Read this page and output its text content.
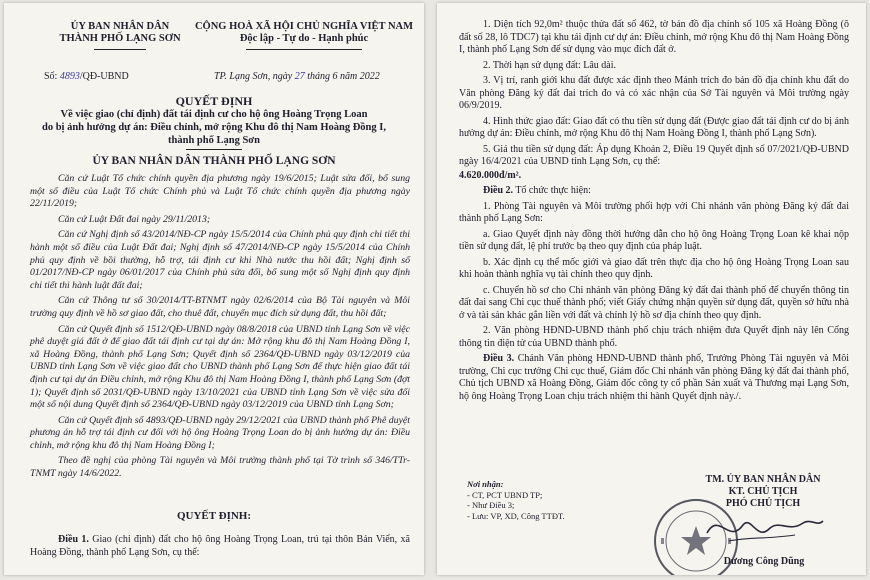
ỦY BAN NHÂN DÂN
THÀNH PHỐ LẠNG SƠN
CỘNG HOÀ XÃ HỘI CHỦ NGHĨA VIỆT NAM
Độc lập - Tự do - Hạnh phúc
Số: 4893/QĐ-UBND	TP. Lạng Sơn, ngày 27 tháng 6 năm 2022
QUYẾT ĐỊNH
Về việc giao (chỉ định) đất tái định cư cho hộ ông Hoàng Trọng Loan
do bị ảnh hưởng dự án: Điều chỉnh, mở rộng Khu đô thị Nam Hoàng Đồng I,
thành phố Lạng Sơn
ỦY BAN NHÂN DÂN THÀNH PHỐ LẠNG SƠN

Căn cứ Luật Tổ chức chính quyền địa phương ngày 19/6/2015; Luật sửa đổi, bổ sung một số điều của Luật Tổ chức Chính phủ và Luật Tổ chức chính quyền địa phương ngày 22/11/2019;

Căn cứ Luật Đất đai ngày 29/11/2013;

Căn cứ Nghị định số 43/2014/NĐ-CP ngày 15/5/2014 của Chính phủ quy định chi tiết thi hành một số điều của Luật Đất đai; Nghị định số 47/2014/NĐ-CP ngày 15/5/2014 của Chính phủ quy định về bồi thường, hỗ trợ, tái định cư khi Nhà nước thu hồi đất; Nghị định số 01/2017/NĐ-CP ngày 06/01/2017 của Chính phủ sửa đổi, bổ sung một số Nghị định quy định chi tiết thi hành luật đất đai;

Căn cứ Thông tư số 30/2014/TT-BTNMT ngày 02/6/2014 của Bộ Tài nguyên và Môi trường quy định về hồ sơ giao đất, cho thuê đất, chuyển mục đích sử dụng đất, thu hồi đất;

Căn cứ Quyết định số 1512/QĐ-UBND ngày 08/8/2018 của UBND tỉnh Lạng Sơn về việc phê duyệt giá đất ở để giao đất tái định cư tại dự án: Mở rộng khu đô thị Nam Hoàng Đồng I, xã Hoàng Đồng, thành phố Lạng Sơn; Quyết định số 2364/QĐ-UBND ngày 03/12/2019 của UBND tỉnh Lạng Sơn về việc giao đất cho UBND thành phố Lạng Sơn để thực hiện giao đất tái định cư tại dự án Điều chỉnh, mở rộng Khu đô thị Nam Hoàng Đồng I, thành phố Lạng Sơn (đợt 1); Quyết định số 2031/QĐ-UBND ngày 13/10/2021 của UBND tỉnh Lạng Sơn về việc sửa đổi một số nội dung Quyết định số 2364/QĐ-UBND ngày 03/12/2019 của UBND tỉnh Lạng Sơn;

Căn cứ Quyết định số 4893/QĐ-UBND ngày 29/12/2021 của UBND thành phố Phê duyệt phương án hỗ trợ tái định cư đối với hộ ông Hoàng Trọng Loan do bị ảnh hưởng dự án: Điều chỉnh, mở rộng khu đô thị Nam Hoàng Đồng I;

Theo đề nghị của phòng Tài nguyên và Môi trường thành phố tại Tờ trình số 346/TTr-TNMT ngày 14/6/2022.

QUYẾT ĐỊNH:
Điều 1. Giao (chỉ định) đất cho hộ ông Hoàng Trọng Loan, trú tại thôn Bản Viển, xã Hoàng Đồng, thành phố Lạng Sơn, cụ thể:

1. Diện tích 92,0m² thuộc thửa đất số 462, tờ bản đồ địa chính số 105 xã Hoàng Đồng (ô đất số 28, lô TDC7) tại khu tái định cư dự án: Điều chỉnh, mở rộng Khu đô thị Nam Hoàng Đồng I, thành phố Lạng Sơn để sử dụng vào mục đích đất ở.

2. Thời hạn sử dụng đất: Lâu dài.

3. Vị trí, ranh giới khu đất được xác định theo Mảnh trích đo bản đồ địa chính khu đất do Văn phòng Đăng ký đất đai trích đo và có xác nhận của Sở Tài nguyên và Môi trường ngày 06/9/2019.

4. Hình thức giao đất: Giao đất có thu tiền sử dụng đất (Được giao đất tái định cư do bị ảnh hưởng dự án: Điều chỉnh, mở rộng Khu đô thị Nam Hoàng Đồng I, thành phố Lạng Sơn).

5. Giá thu tiền sử dụng đất: Áp dụng Khoản 2, Điều 19 Quyết định số 07/2021/QĐ-UBND ngày 16/4/2021 của UBND tỉnh Lạng Sơn, cụ thể:

4.620.000đ/m².

Điều 2. Tổ chức thực hiện:

1. Phòng Tài nguyên và Môi trường phối hợp với Chi nhánh văn phòng Đăng ký đất đai thành phố Lạng Sơn:

a. Giao Quyết định này đồng thời hướng dẫn cho hộ ông Hoàng Trọng Loan kê khai nộp tiền sử dụng đất, lệ phí trước bạ theo quy định của pháp luật.

b. Xác định cụ thể mốc giới và giao đất trên thực địa cho hộ ông Hoàng Trọng Loan sau khi hoàn thành nghĩa vụ tài chính theo quy định.

c. Chuyển hồ sơ cho Chi nhánh văn phòng Đăng ký đất đai thành phố để chuyển thông tin đất đai sang Chi cục thuế thành phố; viết Giấy chứng nhận quyền sử dụng đất, quyền sở hữu nhà ở và tài sản khác gắn liền với đất và chỉnh lý hồ sơ địa chính theo quy định.

2. Văn phòng HĐND-UBND thành phố chịu trách nhiệm đưa Quyết định này lên Cổng thông tin điện tử của UBND thành phố.

Điều 3. Chánh Văn phòng HĐND-UBND thành phố, Trưởng Phòng Tài nguyên và Môi trường, Chi cục trưởng Chi cục thuế, Giám đốc Chi nhánh văn phòng Đăng ký đất đai thành phố, Chủ tịch UBND xã Hoàng Đồng, Giám đốc công ty cổ phần Sản xuất và Thương mại Lạng Sơn, hộ ông Hoàng Trọng Loan chịu trách nhiệm thi hành Quyết định này./.

Nơi nhận:
- CT, PCT UBND TP;
- Như Điều 3;
- Lưu: VP, XD, Công TTĐT.
TM. ỦY BAN NHÂN DÂN
KT. CHỦ TỊCH
PHÓ CHỦ TỊCH
Dương Công Dũng
